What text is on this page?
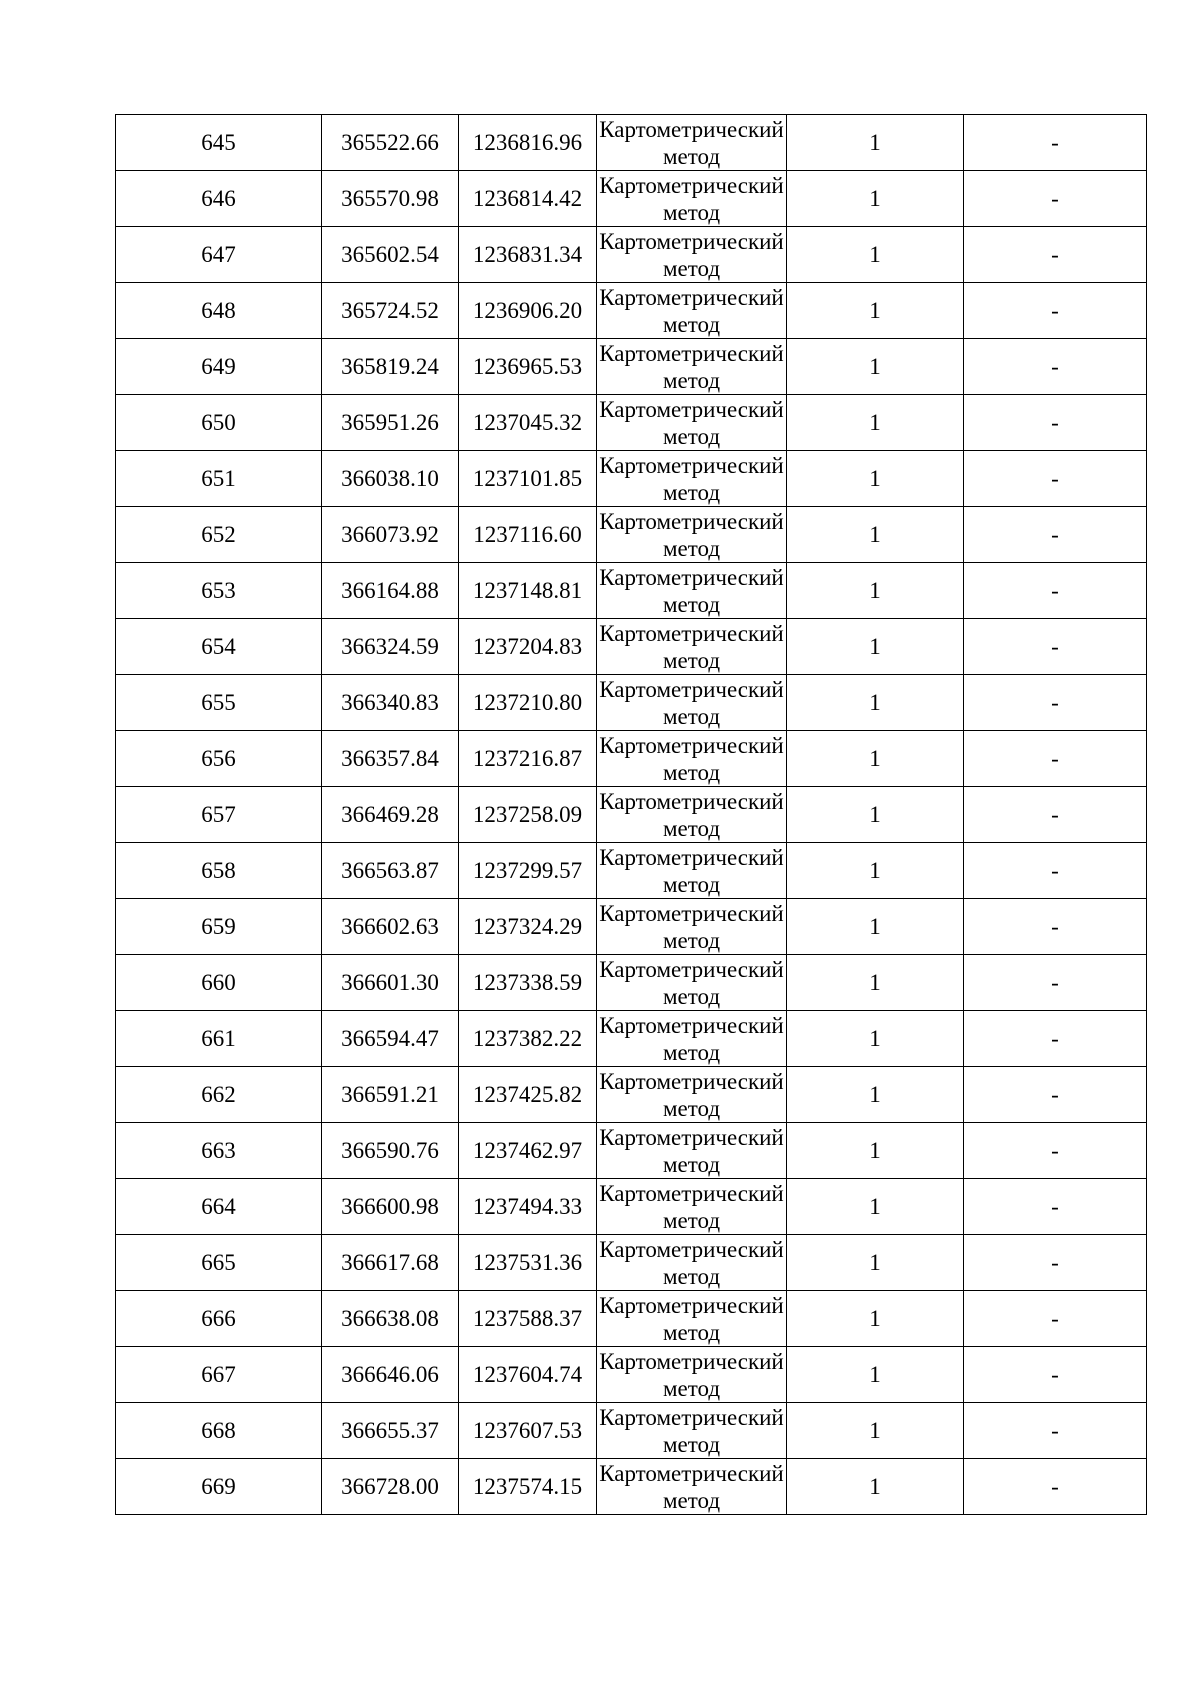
645	365522.66	1236816.96	Картометрический метод	1	-
646	365570.98	1236814.42	Картометрический метод	1	-
647	365602.54	1236831.34	Картометрический метод	1	-
648	365724.52	1236906.20	Картометрический метод	1	-
649	365819.24	1236965.53	Картометрический метод	1	-
650	365951.26	1237045.32	Картометрический метод	1	-
651	366038.10	1237101.85	Картометрический метод	1	-
652	366073.92	1237116.60	Картометрический метод	1	-
653	366164.88	1237148.81	Картометрический метод	1	-
654	366324.59	1237204.83	Картометрический метод	1	-
655	366340.83	1237210.80	Картометрический метод	1	-
656	366357.84	1237216.87	Картометрический метод	1	-
657	366469.28	1237258.09	Картометрический метод	1	-
658	366563.87	1237299.57	Картометрический метод	1	-
659	366602.63	1237324.29	Картометрический метод	1	-
660	366601.30	1237338.59	Картометрический метод	1	-
661	366594.47	1237382.22	Картометрический метод	1	-
662	366591.21	1237425.82	Картометрический метод	1	-
663	366590.76	1237462.97	Картометрический метод	1	-
664	366600.98	1237494.33	Картометрический метод	1	-
665	366617.68	1237531.36	Картометрический метод	1	-
666	366638.08	1237588.37	Картометрический метод	1	-
667	366646.06	1237604.74	Картометрический метод	1	-
668	366655.37	1237607.53	Картометрический метод	1	-
669	366728.00	1237574.15	Картометрический метод	1	-
